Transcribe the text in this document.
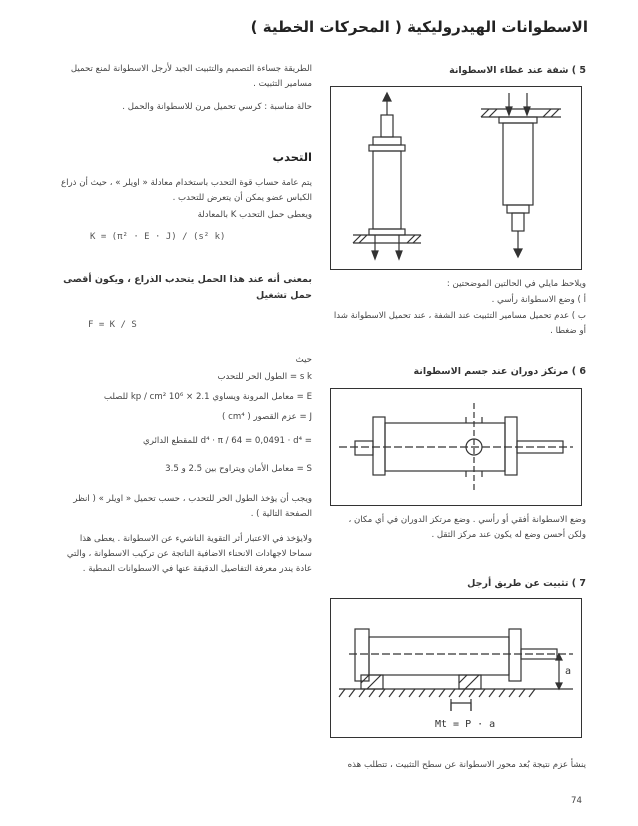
الاسطوانات الهيدروليكية ( المحركات الخطية )
5 ) شفة عند غطاء الاسطوانة
ويلاحظ مايلي في الحالتين الموضحتين :
أ ) وضع الاسطوانة رأسي .
ب ) عدم تحميل مسامير التثبيت عند الشفة ، عند تحميل الاسطوانة شدا أو ضغطا .
6 ) مرتكز دوران عند جسم الاسطوانة
وضع الاسطوانة أفقي أو رأسي . وضع مرتكز الدوران في أي مكان ، ولكن أحسن وضع له يكون عند مركز الثقل .
7 ) تثبيت عن طريق أرجل
a
Mt = P · a
ينشأ عزم نتيجة بُعد محور الاسطوانة عن سطح التثبيت ، تتطلب هذه
74
الطريقة جساءة التصميم والتثبيت الجيد لأرجل الاسطوانة لمنع تحميل مسامير التثبيت .
حالة مناسبة : كرسي تحميل مرن للاسطوانة والحمل .
التحدب
يتم عامة حساب قوة التحدب باستخدام معادلة « اويلر » ، حيث أن ذراع الكباس عضو يمكن أن يتعرض للتحدب .
ويعطى حمل التحدب K بالمعادلة
K = (π² · E · J) / (s² k)
بمعنى أنه عند هذا الحمل يتحدب الذراع ، ويكون أقصى حمل تشغيل
F = K / S
حيث
s k = الطول الحر للتحدب
E = معامل المرونة ويساوي 2.1 × 10⁶ kp / cm² للصلب
J = عزم القصور ( cm⁴ )
= d⁴ · π / 64 = 0,0491 · d⁴ للمقطع الدائري
S = معامل الأمان ويتراوح بين 2.5 و 3.5
ويجب أن يؤخذ الطول الحر للتحدب ، حسب تحميل « اويلر » ( انظر الصفحة التالية ) .
ولايؤخذ في الاعتبار أثر التقوية الناشيء عن الاسطوانة . يعطى هذا سماحا لاجهادات الانحناء الاضافية الناتجة عن تركيب الاسطوانة ، والتي عادة يندر معرفة التفاصيل الدقيقة عنها في الاسطوانات النمطية .
